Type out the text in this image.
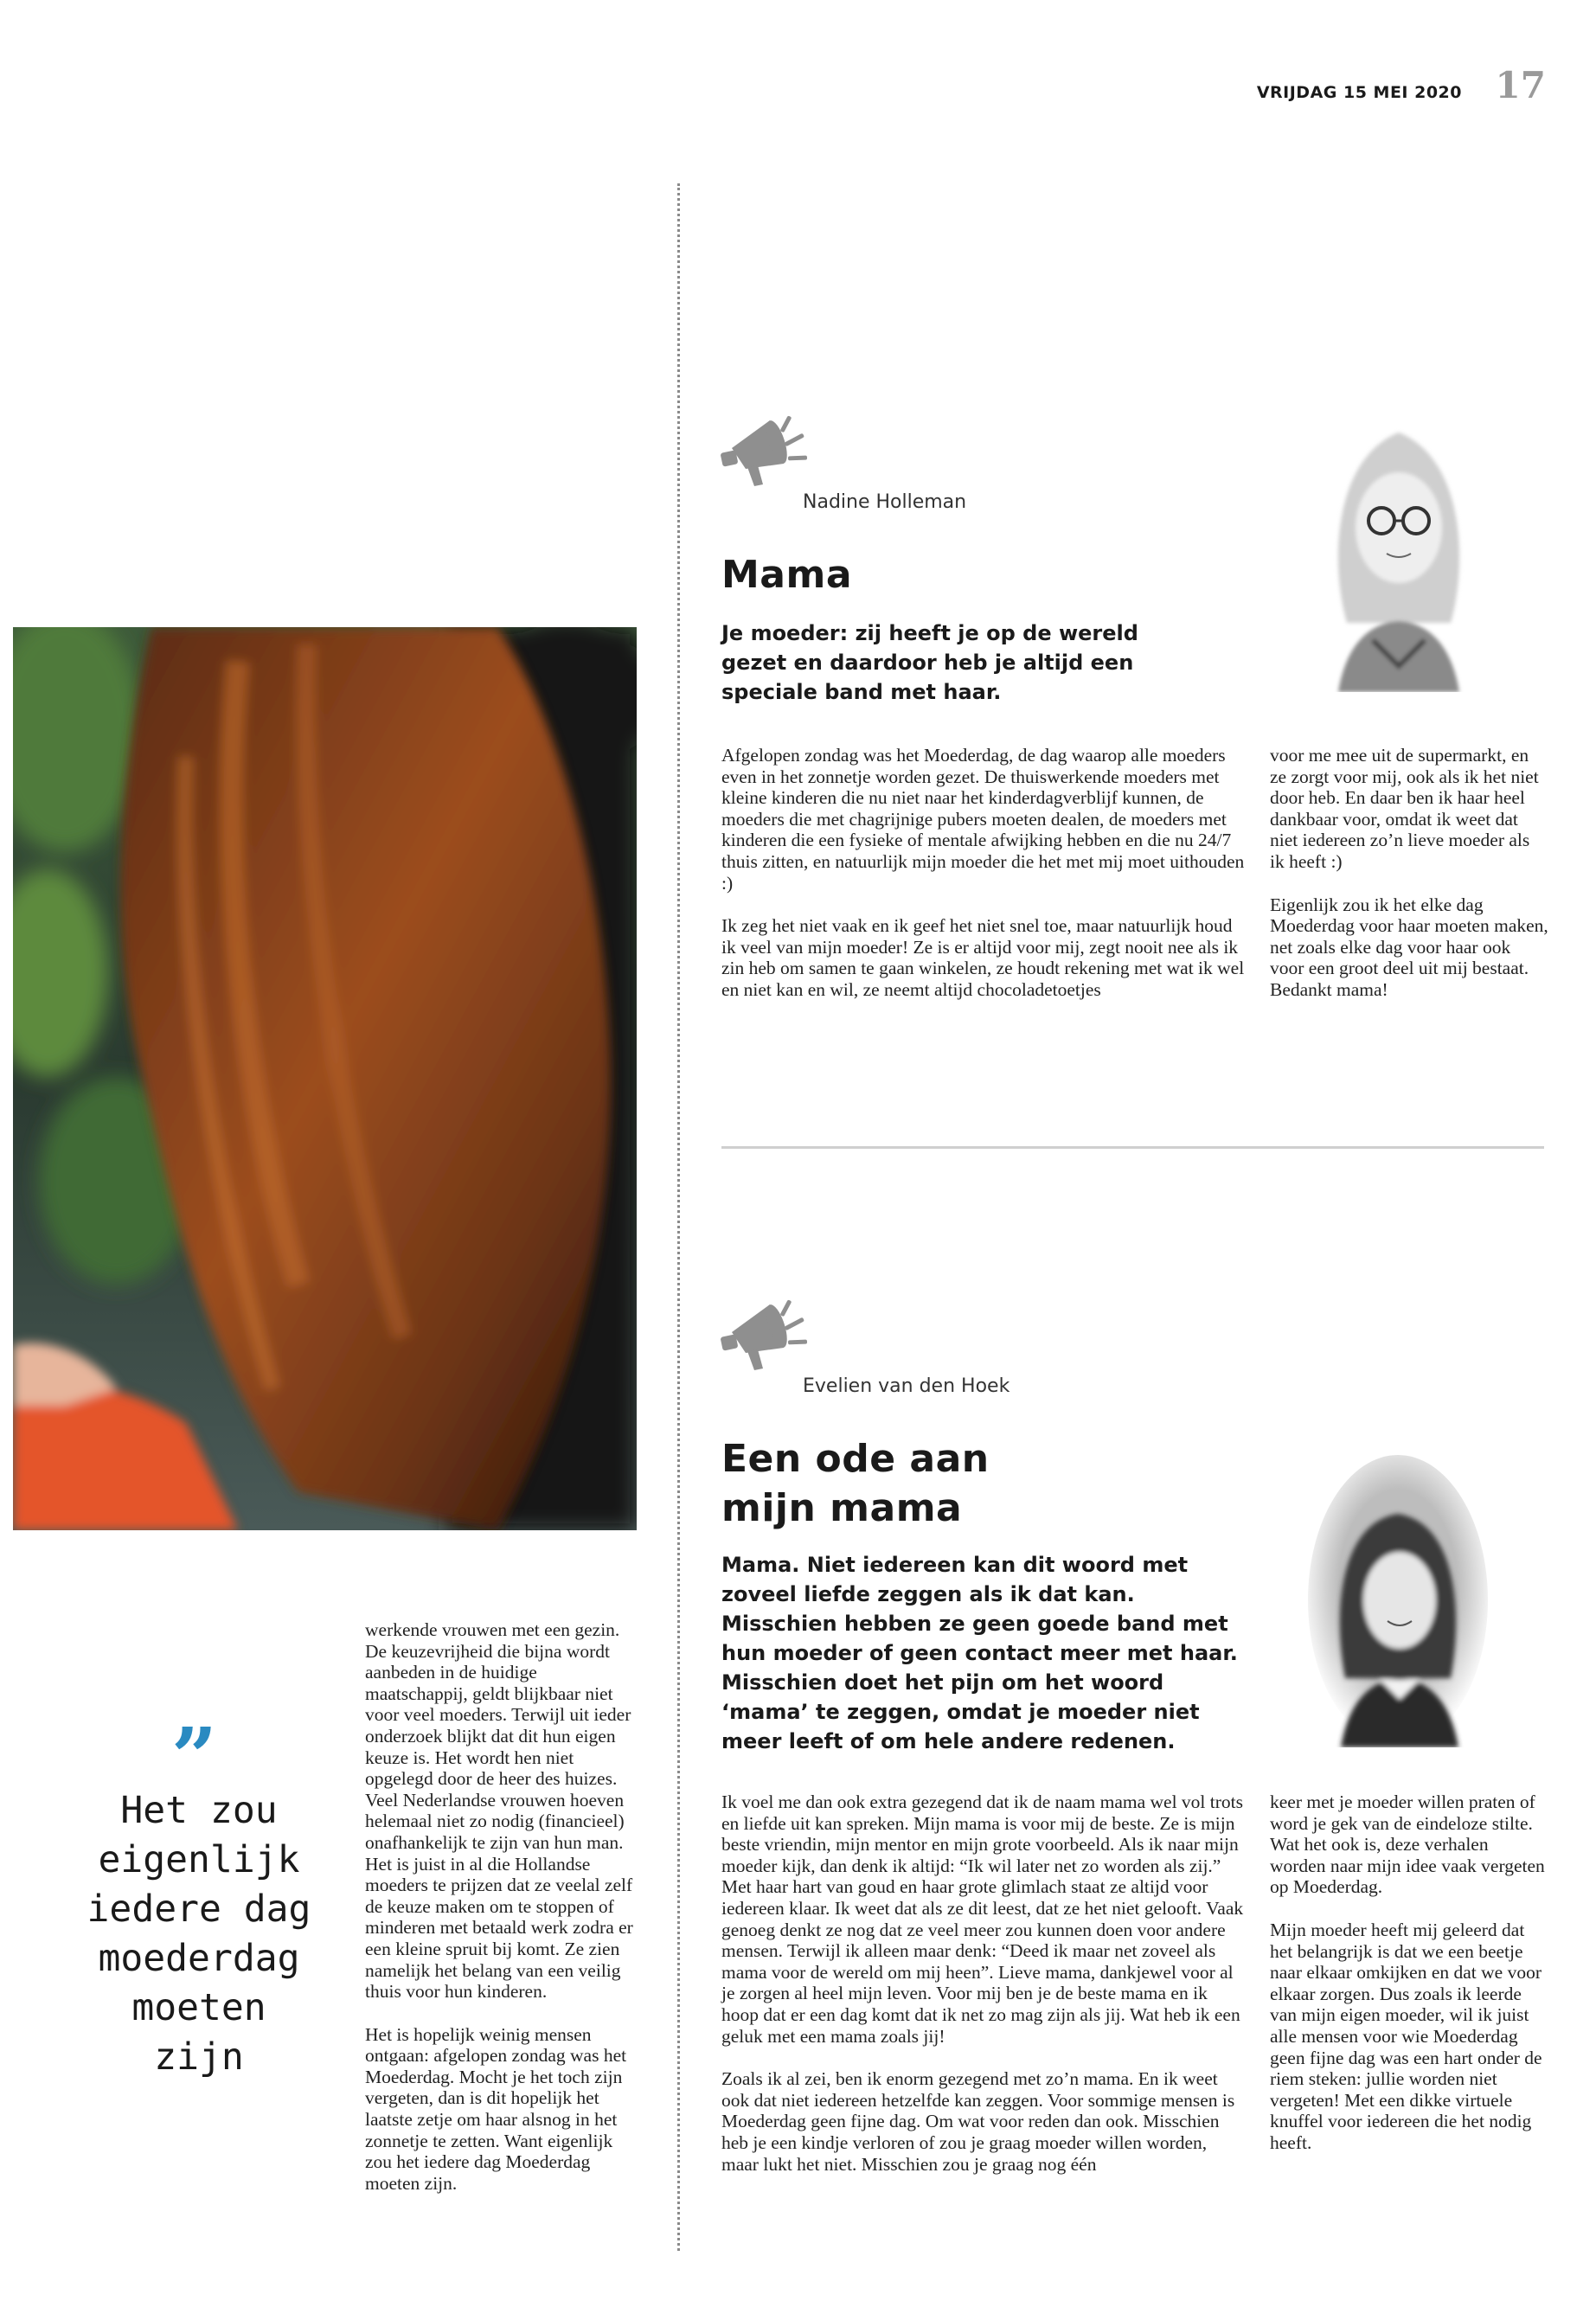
VRIJDAG 15 MEI 2020 17
”
Het zou
eigenlijk
iedere dag
moederdag
moeten zijn

werkende vrouwen met een gezin. De keuzevrijheid die bijna wordt aanbeden in de huidige maatschappij, geldt blijkbaar niet voor veel moeders. Terwijl uit ieder onderzoek blijkt dat dit hun eigen keuze is. Het wordt hen niet opgelegd door de heer des huizes. Veel Nederlandse vrouwen hoeven helemaal niet zo nodig (financieel) onafhankelijk te zijn van hun man. Het is juist in al die Hollandse moeders te prijzen dat ze veelal zelf de keuze maken om te stoppen of minderen met betaald werk zodra er een kleine spruit bij komt. Ze zien namelijk het belang van een veilig thuis voor hun kinderen.

Het is hopelijk weinig mensen ontgaan: afgelopen zondag was het Moederdag. Mocht je het toch zijn vergeten, dan is dit hopelijk het laatste zetje om haar alsnog in het zonnetje te zetten. Want eigenlijk zou het iedere dag Moederdag moeten zijn.

Nadine Holleman
Mama
Je moeder: zij heeft je op de wereld gezet en daardoor heb je altijd een speciale band met haar.

Afgelopen zondag was het Moederdag, de dag waarop alle moeders even in het zonnetje worden gezet. De thuiswerkende moeders met kleine kinderen die nu niet naar het kinderdagverblijf kunnen, de moeders die met chagrijnige pubers moeten dealen, de moeders met kinderen die een fysieke of mentale afwijking hebben en die nu 24/7 thuis zitten, en natuurlijk mijn moeder die het met mij moet uithouden :)

Ik zeg het niet vaak en ik geef het niet snel toe, maar natuurlijk houd ik veel van mijn moeder! Ze is er altijd voor mij, zegt nooit nee als ik zin heb om samen te gaan winkelen, ze houdt rekening met wat ik wel en niet kan en wil, ze neemt altijd chocoladetoetjes

voor me mee uit de supermarkt, en ze zorgt voor mij, ook als ik het niet door heb. En daar ben ik haar heel dankbaar voor, omdat ik weet dat niet iedereen zo’n lieve moeder als ik heeft :)

Eigenlijk zou ik het elke dag Moederdag voor haar moeten maken, net zoals elke dag voor haar ook voor een groot deel uit mij bestaat. Bedankt mama!

Evelien van den Hoek
Een ode aan
mijn mama
Mama. Niet iedereen kan dit woord met zoveel liefde zeggen als ik dat kan. Misschien hebben ze geen goede band met hun moeder of geen contact meer met haar. Misschien doet het pijn om het woord ‘mama’ te zeggen, omdat je moeder niet meer leeft of om hele andere redenen.

Ik voel me dan ook extra gezegend dat ik de naam mama wel vol trots en liefde uit kan spreken. Mijn mama is voor mij de beste. Ze is mijn beste vriendin, mijn mentor en mijn grote voorbeeld. Als ik naar mijn moeder kijk, dan denk ik altijd: “Ik wil later net zo worden als zij.” Met haar hart van goud en haar grote glimlach staat ze altijd voor iedereen klaar. Ik weet dat als ze dit leest, dat ze het niet gelooft. Vaak genoeg denkt ze nog dat ze veel meer zou kunnen doen voor andere mensen. Terwijl ik alleen maar denk: “Deed ik maar net zoveel als mama voor de wereld om mij heen”. Lieve mama, dankjewel voor al je zorgen al heel mijn leven. Voor mij ben je de beste mama en ik hoop dat er een dag komt dat ik net zo mag zijn als jij. Wat heb ik een geluk met een mama zoals jij!

Zoals ik al zei, ben ik enorm gezegend met zo’n mama. En ik weet ook dat niet iedereen hetzelfde kan zeggen. Voor sommige mensen is Moederdag geen fijne dag. Om wat voor reden dan ook. Misschien heb je een kindje verloren of zou je graag moeder willen worden, maar lukt het niet. Misschien zou je graag nog één

keer met je moeder willen praten of word je gek van de eindeloze stilte. Wat het ook is, deze verhalen worden naar mijn idee vaak vergeten op Moederdag.

Mijn moeder heeft mij geleerd dat het belangrijk is dat we een beetje naar elkaar omkijken en dat we voor elkaar zorgen. Dus zoals ik leerde van mijn eigen moeder, wil ik juist alle mensen voor wie Moederdag geen fijne dag was een hart onder de riem steken: jullie worden niet vergeten! Met een dikke virtuele knuffel voor iedereen die het nodig heeft.
